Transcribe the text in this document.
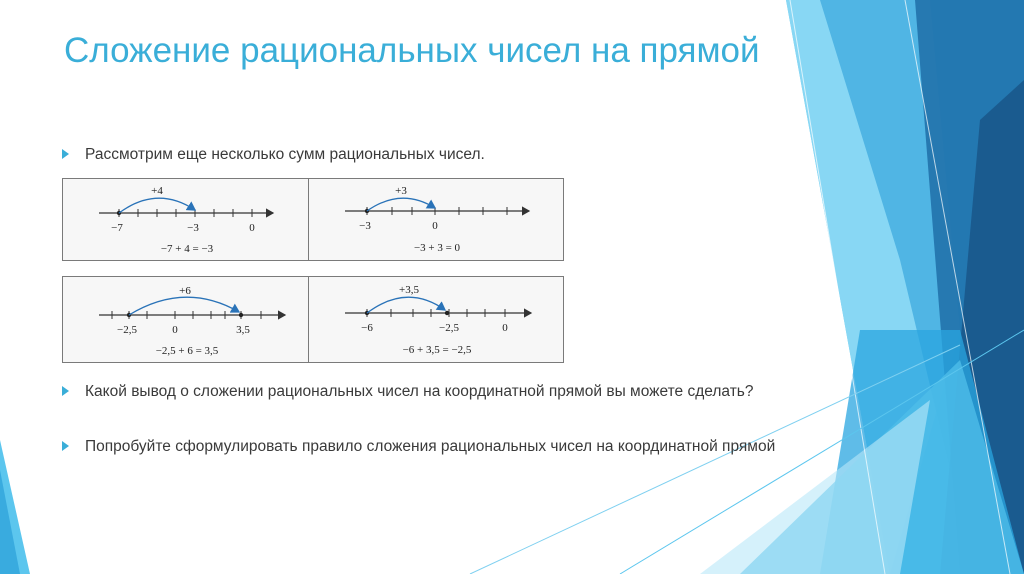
Сложение рациональных чисел на прямой
Рассмотрим еще несколько сумм рациональных чисел.
+4
−7	−3	0
−7 + 4 = −3
+3
−3	0
−3 + 3 = 0
+6
−2,5	0	3,5
−2,5 + 6 = 3,5
+3,5
−6	−2,5	0
−6 + 3,5 = −2,5
Какой вывод о сложении рациональных чисел на координатной прямой вы можете сделать?
Попробуйте сформулировать правило сложения рациональных чисел на координатной прямой
